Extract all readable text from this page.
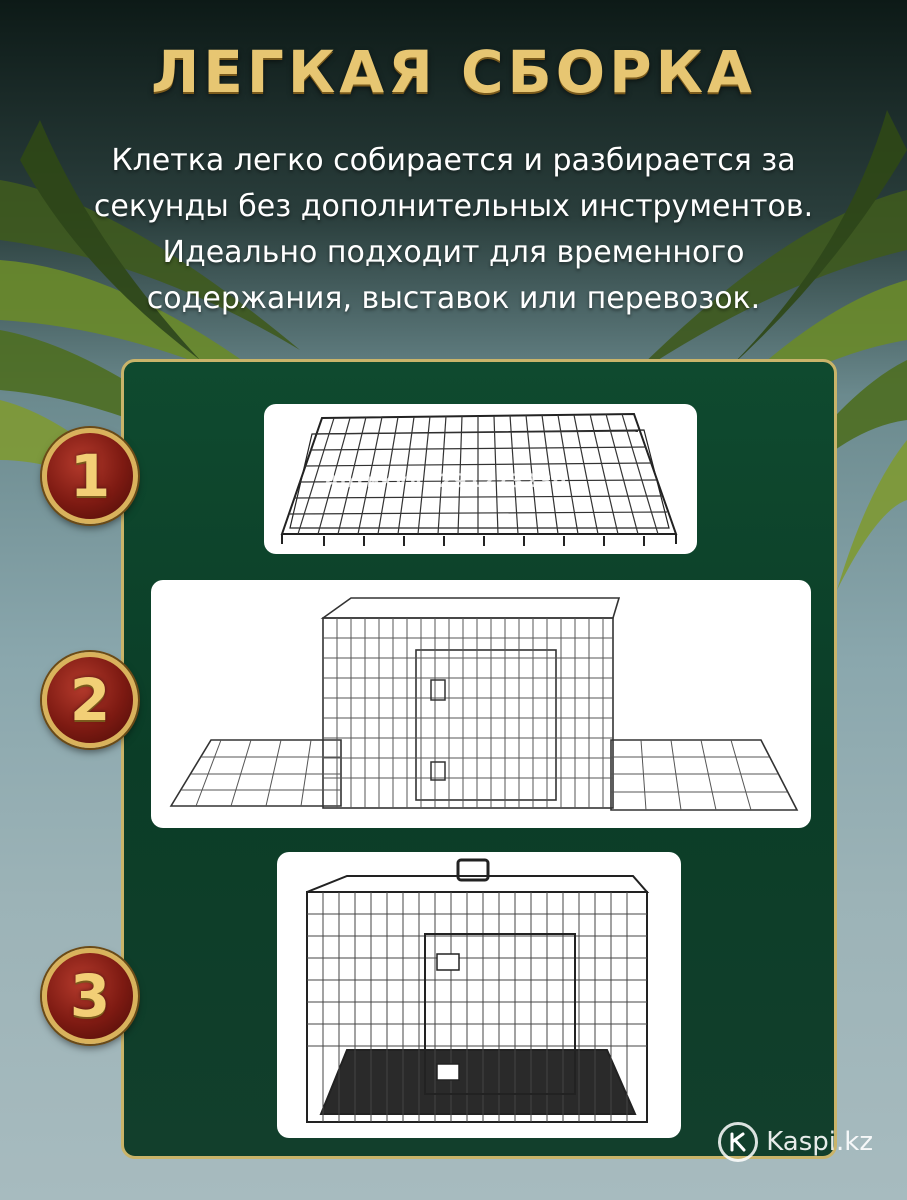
ЛЕГКАЯ СБОРКА
Клетка легко собирается и разбирается за
секунды без дополнительных инструментов.
Идеально подходит для временного
содержания, выставок или перевозок.
Артикул: 291273230
1
2
3
Kaspi.kz
